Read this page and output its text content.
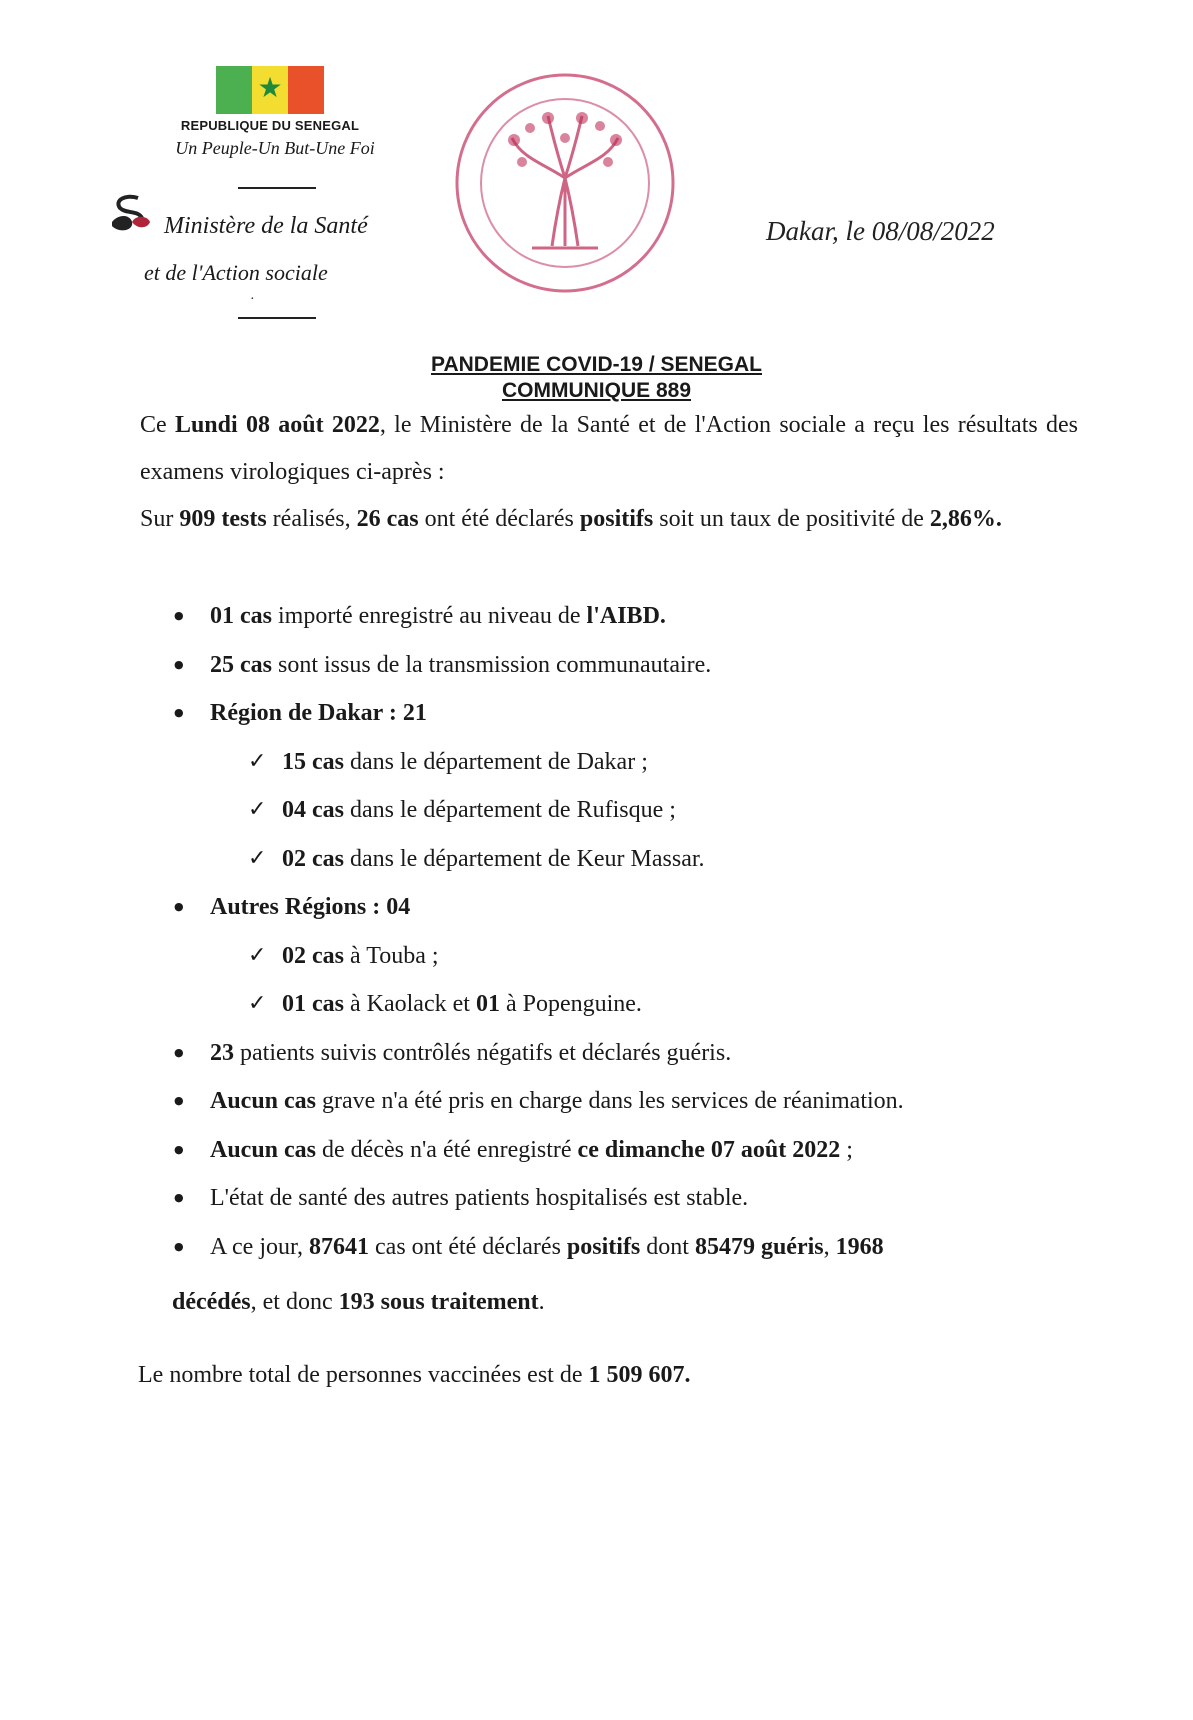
★
REPUBLIQUE DU SENEGAL
Un Peuple-Un But-Une Foi
Ministère de la Santé
et de l'Action sociale
·
Dakar, le 08/08/2022
PANDEMIE COVID-19 / SENEGAL
COMMUNIQUE 889

Ce Lundi 08 août 2022, le Ministère de la Santé et de l'Action sociale a reçu les résultats des examens virologiques ci-après :

Sur 909 tests réalisés, 26 cas ont été déclarés positifs soit un taux de positivité de 2,86%.

● 01 cas importé enregistré au niveau de l'AIBD.
● 25 cas sont issus de la transmission communautaire.
● Région de Dakar : 21
✓ 15 cas dans le département de Dakar ;
✓ 04 cas dans le département de Rufisque ;
✓ 02 cas dans le département de Keur Massar.
● Autres Régions : 04
✓ 02 cas à Touba ;
✓ 01 cas à Kaolack et 01 à Popenguine.
● 23 patients suivis contrôlés négatifs et déclarés guéris.
● Aucun cas grave n'a été pris en charge dans les services de réanimation.
● Aucun cas de décès n'a été enregistré ce dimanche 07 août 2022 ;
● L'état de santé des autres patients hospitalisés est stable.
● A ce jour, 87641 cas ont été déclarés positifs dont 85479 guéris, 1968
décédés, et donc 193 sous traitement.
Le nombre total de personnes vaccinées est de 1 509 607.
